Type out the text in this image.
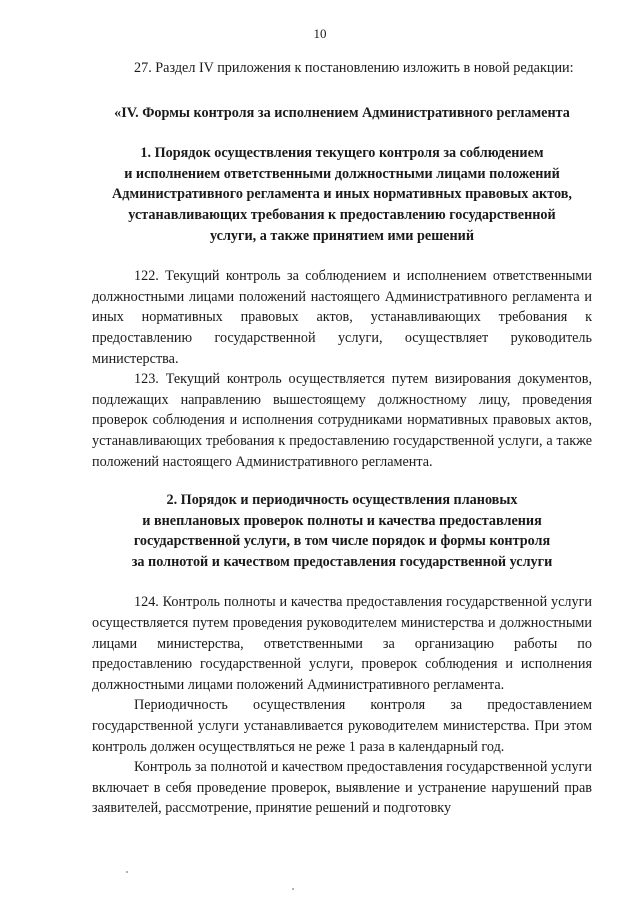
10

27. Раздел IV приложения к постановлению изложить в новой редакции:

«IV. Формы контроля за исполнением Административного регламента
1. Порядок осуществления текущего контроля за соблюдением
и исполнением ответственными должностными лицами положений
Административного регламента и иных нормативных правовых актов,
устанавливающих требования к предоставлению государственной
услуги, а также принятием ими решений

122. Текущий контроль за соблюдением и исполнением ответственными должностными лицами положений настоящего Административного регламента и иных нормативных правовых актов, устанавливающих требования к предоставлению государственной услуги, осуществляет руководитель министерства.

123. Текущий контроль осуществляется путем визирования документов, подлежащих направлению вышестоящему должностному лицу, проведения проверок соблюдения и исполнения сотрудниками нормативных правовых актов, устанавливающих требования к предоставлению государственной услуги, а также положений настоящего Административного регламента.

2. Порядок и периодичность осуществления плановых
и внеплановых проверок полноты и качества предоставления
государственной услуги, в том числе порядок и формы контроля
за полнотой и качеством предоставления государственной услуги

124. Контроль полноты и качества предоставления государственной услуги осуществляется путем проведения руководителем министерства и должностными лицами министерства, ответственными за организацию работы по предоставлению государственной услуги, проверок соблюдения и исполнения должностными лицами положений Административного регламента.

Периодичность осуществления контроля за предоставлением государственной услуги устанавливается руководителем министерства. При этом контроль должен осуществляться не реже 1 раза в календарный год.

Контроль за полнотой и качеством предоставления государственной услуги включает в себя проведение проверок, выявление и устранение нарушений прав заявителей, рассмотрение, принятие решений и подготовку
